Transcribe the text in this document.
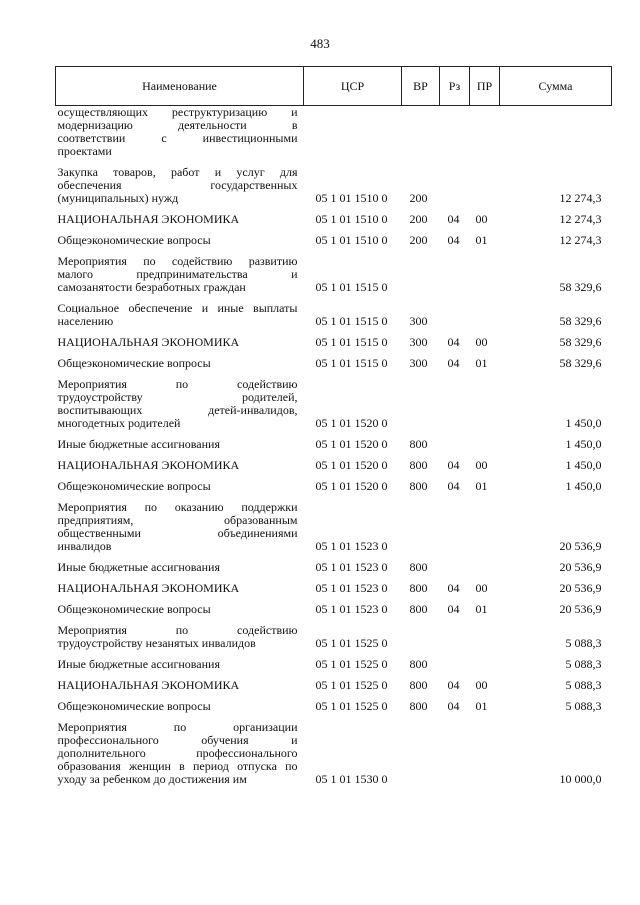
483
Наименование	ЦСР	ВР	Рз	ПР	Сумма

осуществляющих реструктуризацию и
модернизацию деятельности в
соответствии с инвестиционными
проектами					

Закупка товаров, работ и услуг для
обеспечения государственных
(муниципальных) нужд	05 1 01 1510 0	200			12 274,3

НАЦИОНАЛЬНАЯ ЭКОНОМИКА	05 1 01 1510 0	200	04	00	12 274,3

Общеэкономические вопросы	05 1 01 1510 0	200	04	01	12 274,3

Мероприятия по содействию развитию
малого предпринимательства и
самозанятости безработных граждан	05 1 01 1515 0				58 329,6

Социальное обеспечение и иные выплаты
населению	05 1 01 1515 0	300			58 329,6

НАЦИОНАЛЬНАЯ ЭКОНОМИКА	05 1 01 1515 0	300	04	00	58 329,6

Общеэкономические вопросы	05 1 01 1515 0	300	04	01	58 329,6

Мероприятия по содействию
трудоустройству родителей,
воспитывающих детей-инвалидов,
многодетных родителей	05 1 01 1520 0				1 450,0

Иные бюджетные ассигнования	05 1 01 1520 0	800			1 450,0

НАЦИОНАЛЬНАЯ ЭКОНОМИКА	05 1 01 1520 0	800	04	00	1 450,0

Общеэкономические вопросы	05 1 01 1520 0	800	04	01	1 450,0

Мероприятия по оказанию поддержки
предприятиям, образованным
общественными объединениями
инвалидов	05 1 01 1523 0				20 536,9

Иные бюджетные ассигнования	05 1 01 1523 0	800			20 536,9

НАЦИОНАЛЬНАЯ ЭКОНОМИКА	05 1 01 1523 0	800	04	00	20 536,9

Общеэкономические вопросы	05 1 01 1523 0	800	04	01	20 536,9

Мероприятия по содействию
трудоустройству незанятых инвалидов	05 1 01 1525 0				5 088,3

Иные бюджетные ассигнования	05 1 01 1525 0	800			5 088,3

НАЦИОНАЛЬНАЯ ЭКОНОМИКА	05 1 01 1525 0	800	04	00	5 088,3

Общеэкономические вопросы	05 1 01 1525 0	800	04	01	5 088,3

Мероприятия по организации
профессионального обучения и
дополнительного профессионального
образования женщин в период отпуска по
уходу за ребенком до достижения им	05 1 01 1530 0				10 000,0
